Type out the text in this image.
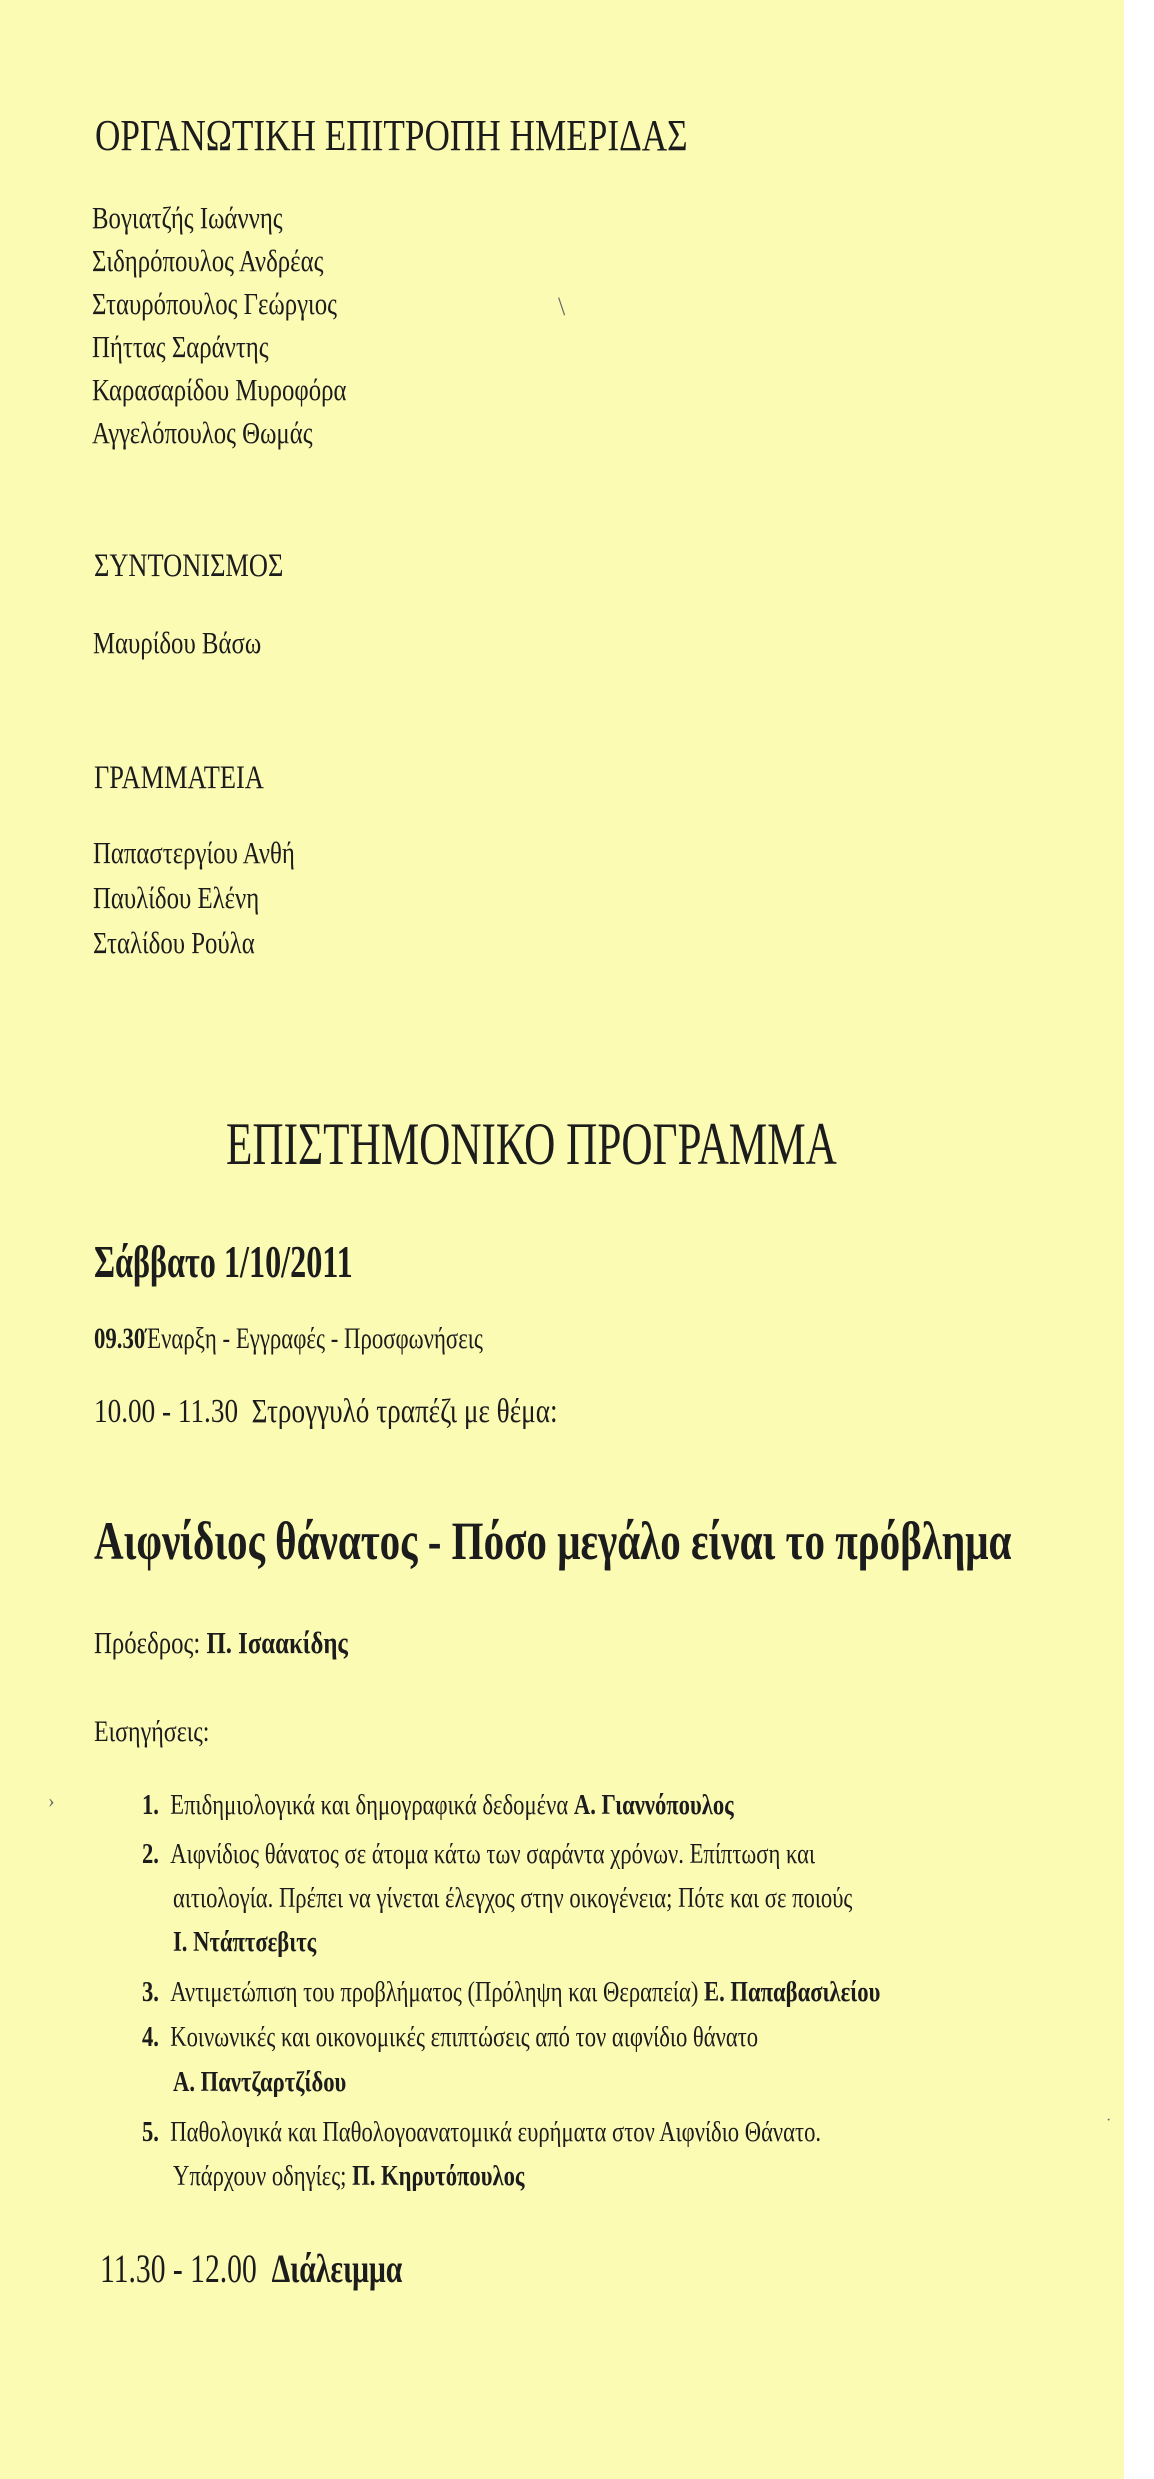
ΟΡΓΑΝΩΤΙΚΗ ΕΠΙΤΡΟΠΗ ΗΜΕΡΙΔΑΣ
Βογιατζής Ιωάννης
Σιδηρόπουλος Ανδρέας
Σταυρόπουλος Γεώργιος
Πήττας Σαράντης
Καρασαρίδου Μυροφόρα
Αγγελόπουλος Θωμάς
\
ΣΥΝΤΟΝΙΣΜΟΣ
Μαυρίδου Βάσω
ΓΡΑΜΜΑΤΕΙΑ
Παπαστεργίου Ανθή
Παυλίδου Ελένη
Σταλίδου Ρούλα
ΕΠΙΣΤΗΜΟΝΙΚΟ ΠΡΟΓΡΑΜΜΑ
Σάββατο 1/10/2011
09.30Έναρξη - Εγγραφές - Προσφωνήσεις
10.00 - 11.30 Στρογγυλό τραπέζι με θέμα:
Αιφνίδιος θάνατος - Πόσο μεγάλο είναι το πρόβλημα
Πρόεδρος: Π. Ισαακίδης
Εισηγήσεις:
›	1. Επιδημιολογικά και δημογραφικά δεδομένα Α. Γιαννόπουλος
2. Αιφνίδιος θάνατος σε άτομα κάτω των σαράντα χρόνων. Επίπτωση και
αιτιολογία. Πρέπει να γίνεται έλεγχος στην οικογένεια; Πότε και σε ποιούς
Ι. Ντάπτσεβιτς
3. Αντιμετώπιση του προβλήματος (Πρόληψη και Θεραπεία) Ε. Παπαβασιλείου
4. Κοινωνικές και οικονομικές επιπτώσεις από τον αιφνίδιο θάνατο
Α. Παντζαρτζίδου
5. Παθολογικά και Παθολογοανατομικά ευρήματα στον Αιφνίδιο Θάνατο.
Υπάρχουν οδηγίες; Π. Κηρυτόπουλος
·
11.30 - 12.00 Διάλειμμα
